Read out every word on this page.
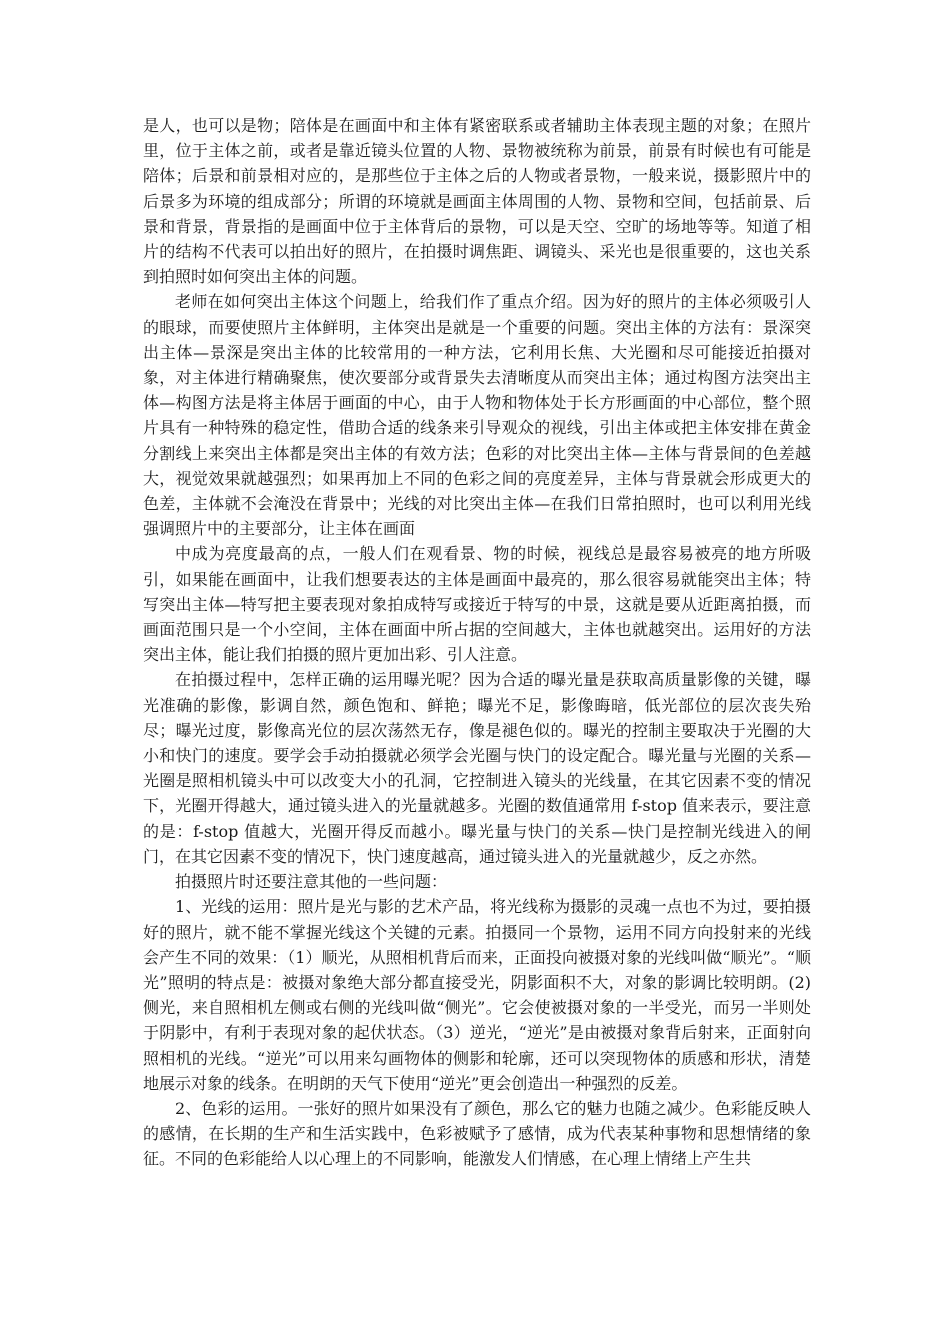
是人，也可以是物；陪体是在画面中和主体有紧密联系或者辅助主体表现主题的对象；在照片里，位于主体之前，或者是靠近镜头位置的人物、景物被统称为前景，前景有时候也有可能是陪体；后景和前景相对应的，是那些位于主体之后的人物或者景物，一般来说，摄影照片中的后景多为环境的组成部分；所谓的环境就是画面主体周围的人物、景物和空间，包括前景、后景和背景，背景指的是画面中位于主体背后的景物，可以是天空、空旷的场地等等。知道了相片的结构不代表可以拍出好的照片，在拍摄时调焦距、调镜头、采光也是很重要的，这也关系到拍照时如何突出主体的问题。

老师在如何突出主体这个问题上，给我们作了重点介绍。因为好的照片的主体必须吸引人的眼球，而要使照片主体鲜明，主体突出是就是一个重要的问题。突出主体的方法有：景深突出主体—景深是突出主体的比较常用的一种方法，它利用长焦、大光圈和尽可能接近拍摄对象，对主体进行精确聚焦，使次要部分或背景失去清晰度从而突出主体；通过构图方法突出主体—构图方法是将主体居于画面的中心，由于人物和物体处于长方形画面的中心部位，整个照片具有一种特殊的稳定性，借助合适的线条来引导观众的视线，引出主体或把主体安排在黄金分割线上来突出主体都是突出主体的有效方法；色彩的对比突出主体—主体与背景间的色差越大，视觉效果就越强烈；如果再加上不同的色彩之间的亮度差异，主体与背景就会形成更大的色差，主体就不会淹没在背景中；光线的对比突出主体—在我们日常拍照时，也可以利用光线强调照片中的主要部分，让主体在画面

中成为亮度最高的点，一般人们在观看景、物的时候，视线总是最容易被亮的地方所吸引，如果能在画面中，让我们想要表达的主体是画面中最亮的，那么很容易就能突出主体；特写突出主体—特写把主要表现对象拍成特写或接近于特写的中景，这就是要从近距离拍摄，而画面范围只是一个小空间，主体在画面中所占据的空间越大，主体也就越突出。运用好的方法突出主体，能让我们拍摄的照片更加出彩、引人注意。

在拍摄过程中，怎样正确的运用曝光呢？因为合适的曝光量是获取高质量影像的关键，曝光准确的影像，影调自然，颜色饱和、鲜艳；曝光不足，影像晦暗，低光部位的层次丧失殆尽；曝光过度，影像高光位的层次荡然无存，像是褪色似的。曝光的控制主要取决于光圈的大小和快门的速度。要学会手动拍摄就必须学会光圈与快门的设定配合。曝光量与光圈的关系—光圈是照相机镜头中可以改变大小的孔洞，它控制进入镜头的光线量，在其它因素不变的情况下，光圈开得越大，通过镜头进入的光量就越多。光圈的数值通常用 f-stop 值来表示，要注意的是：f-stop 值越大，光圈开得反而越小。曝光量与快门的关系—快门是控制光线进入的闸门，在其它因素不变的情况下，快门速度越高，通过镜头进入的光量就越少，反之亦然。

拍摄照片时还要注意其他的一些问题：

1、光线的运用：照片是光与影的艺术产品，将光线称为摄影的灵魂一点也不为过，要拍摄好的照片，就不能不掌握光线这个关键的元素。拍摄同一个景物，运用不同方向投射来的光线会产生不同的效果：（1）顺光，从照相机背后而来，正面投向被摄对象的光线叫做“顺光”。“顺光”照明的特点是：被摄对象绝大部分都直接受光，阴影面积不大，对象的影调比较明朗。(2)侧光，来自照相机左侧或右侧的光线叫做“侧光”。它会使被摄对象的一半受光，而另一半则处于阴影中，有利于表现对象的起伏状态。（3）逆光，“逆光”是由被摄对象背后射来，正面射向照相机的光线。“逆光”可以用来勾画物体的侧影和轮廓，还可以突现物体的质感和形状，清楚地展示对象的线条。在明朗的天气下使用“逆光”更会创造出一种强烈的反差。

2、色彩的运用。一张好的照片如果没有了颜色，那么它的魅力也随之减少。色彩能反映人的感情，在长期的生产和生活实践中，色彩被赋予了感情，成为代表某种事物和思想情绪的象征。不同的色彩能给人以心理上的不同影响，能激发人们情感，在心理上情绪上产生共
